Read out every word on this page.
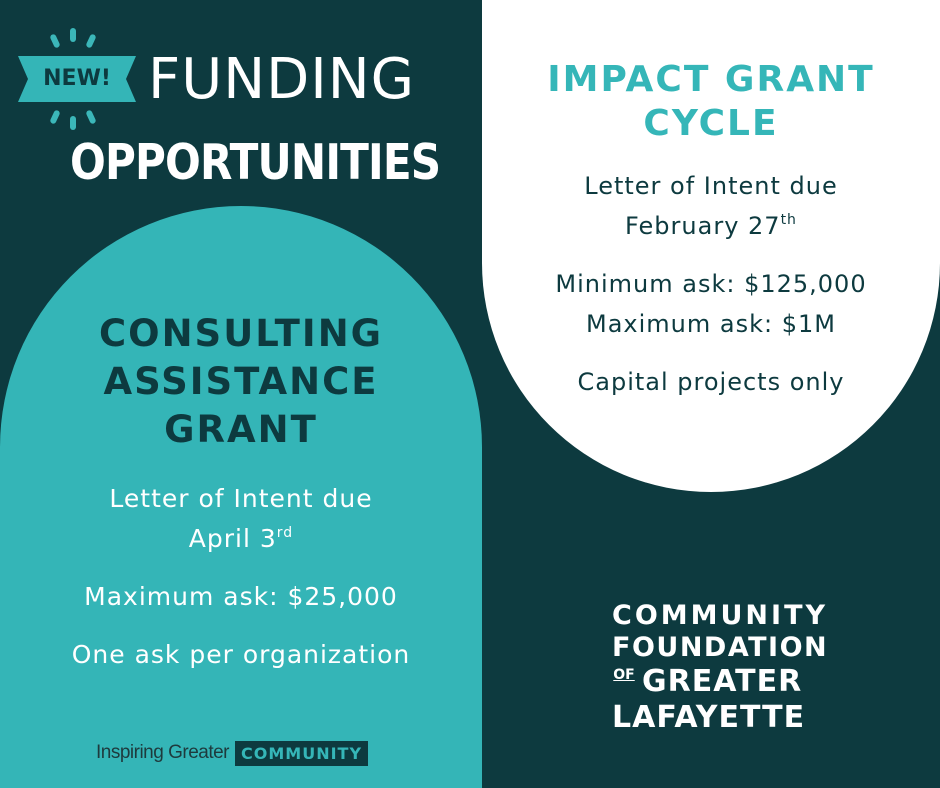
NEW! FUNDING
OPPORTUNITIES
IMPACT GRANT
CYCLE
Letter of Intent due
February 27th
Minimum ask: $125,000
Maximum ask: $1M
Capital projects only
CONSULTING
ASSISTANCE
GRANT
Letter of Intent due
April 3rd
Maximum ask: $25,000
One ask per organization
COMMUNITY
FOUNDATION
OF GREATER
LAFAYETTE
Inspiring Greater COMMUNITY
